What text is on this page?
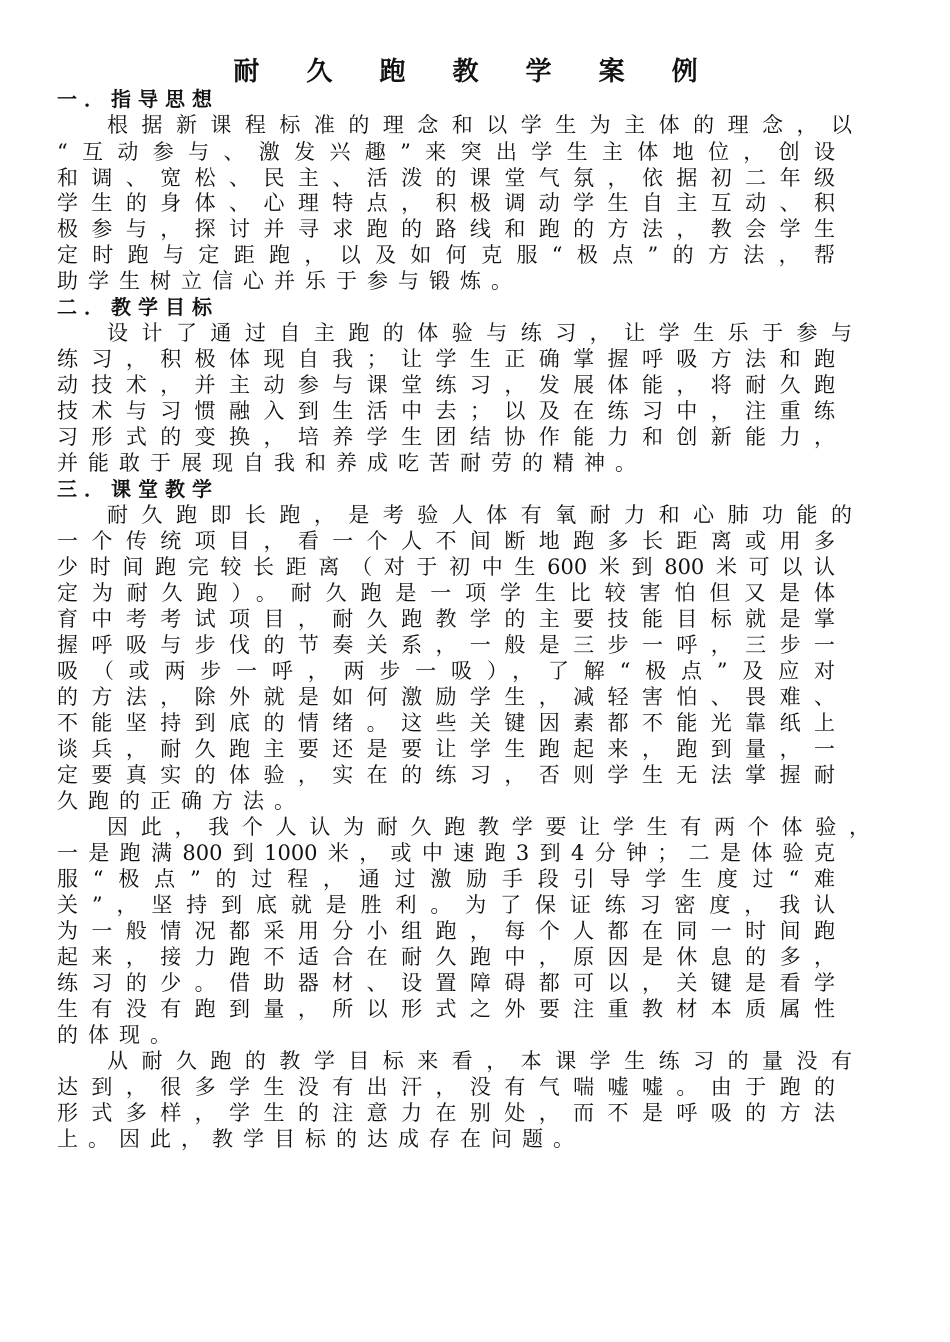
耐 久 跑 教 学 案 例
一．指导思想
根据新课程标准的理念和以学生为主体的理念，以
“互动参与、激发兴趣”来突出学生主体地位，创设
和调、宽松、民主、活泼的课堂气氛，依据初二年级
学生的身体、心理特点，积极调动学生自主互动、积
极参与，探讨并寻求跑的路线和跑的方法，教会学生
定时跑与定距跑，以及如何克服“极点”的方法，帮
助学生树立信心并乐于参与锻炼。
二．教学目标
设计了通过自主跑的体验与练习，让学生乐于参与
练习，积极体现自我；让学生正确掌握呼吸方法和跑
动技术，并主动参与课堂练习，发展体能，将耐久跑
技术与习惯融入到生活中去；以及在练习中，注重练
习形式的变换，培养学生团结协作能力和创新能力，
并能敢于展现自我和养成吃苦耐劳的精神。
三．课堂教学
耐久跑即长跑，是考验人体有氧耐力和心肺功能的
一个传统项目，看一个人不间断地跑多长距离或用多
少时间跑完较长距离（对于初中生600米到800米可以认
定为耐久跑）。耐久跑是一项学生比较害怕但又是体
育中考考试项目，耐久跑教学的主要技能目标就是掌
握呼吸与步伐的节奏关系，一般是三步一呼，三步一
吸（或两步一呼，两步一吸），了解“极点”及应对
的方法，除外就是如何激励学生，减轻害怕、畏难、
不能坚持到底的情绪。这些关键因素都不能光靠纸上
谈兵，耐久跑主要还是要让学生跑起来，跑到量，一
定要真实的体验，实在的练习，否则学生无法掌握耐
久跑的正确方法。
因此，我个人认为耐久跑教学要让学生有两个体验，
一是跑满800到1000米，或中速跑3到4分钟；二是体验克
服“极点”的过程，通过激励手段引导学生度过“难
关”，坚持到底就是胜利。为了保证练习密度，我认
为一般情况都采用分小组跑，每个人都在同一时间跑
起来，接力跑不适合在耐久跑中，原因是休息的多，
练习的少。借助器材、设置障碍都可以，关键是看学
生有没有跑到量，所以形式之外要注重教材本质属性
的体现。
从耐久跑的教学目标来看，本课学生练习的量没有
达到，很多学生没有出汗，没有气喘嘘嘘。由于跑的
形式多样，学生的注意力在别处，而不是呼吸的方法
上。因此，教学目标的达成存在问题。
